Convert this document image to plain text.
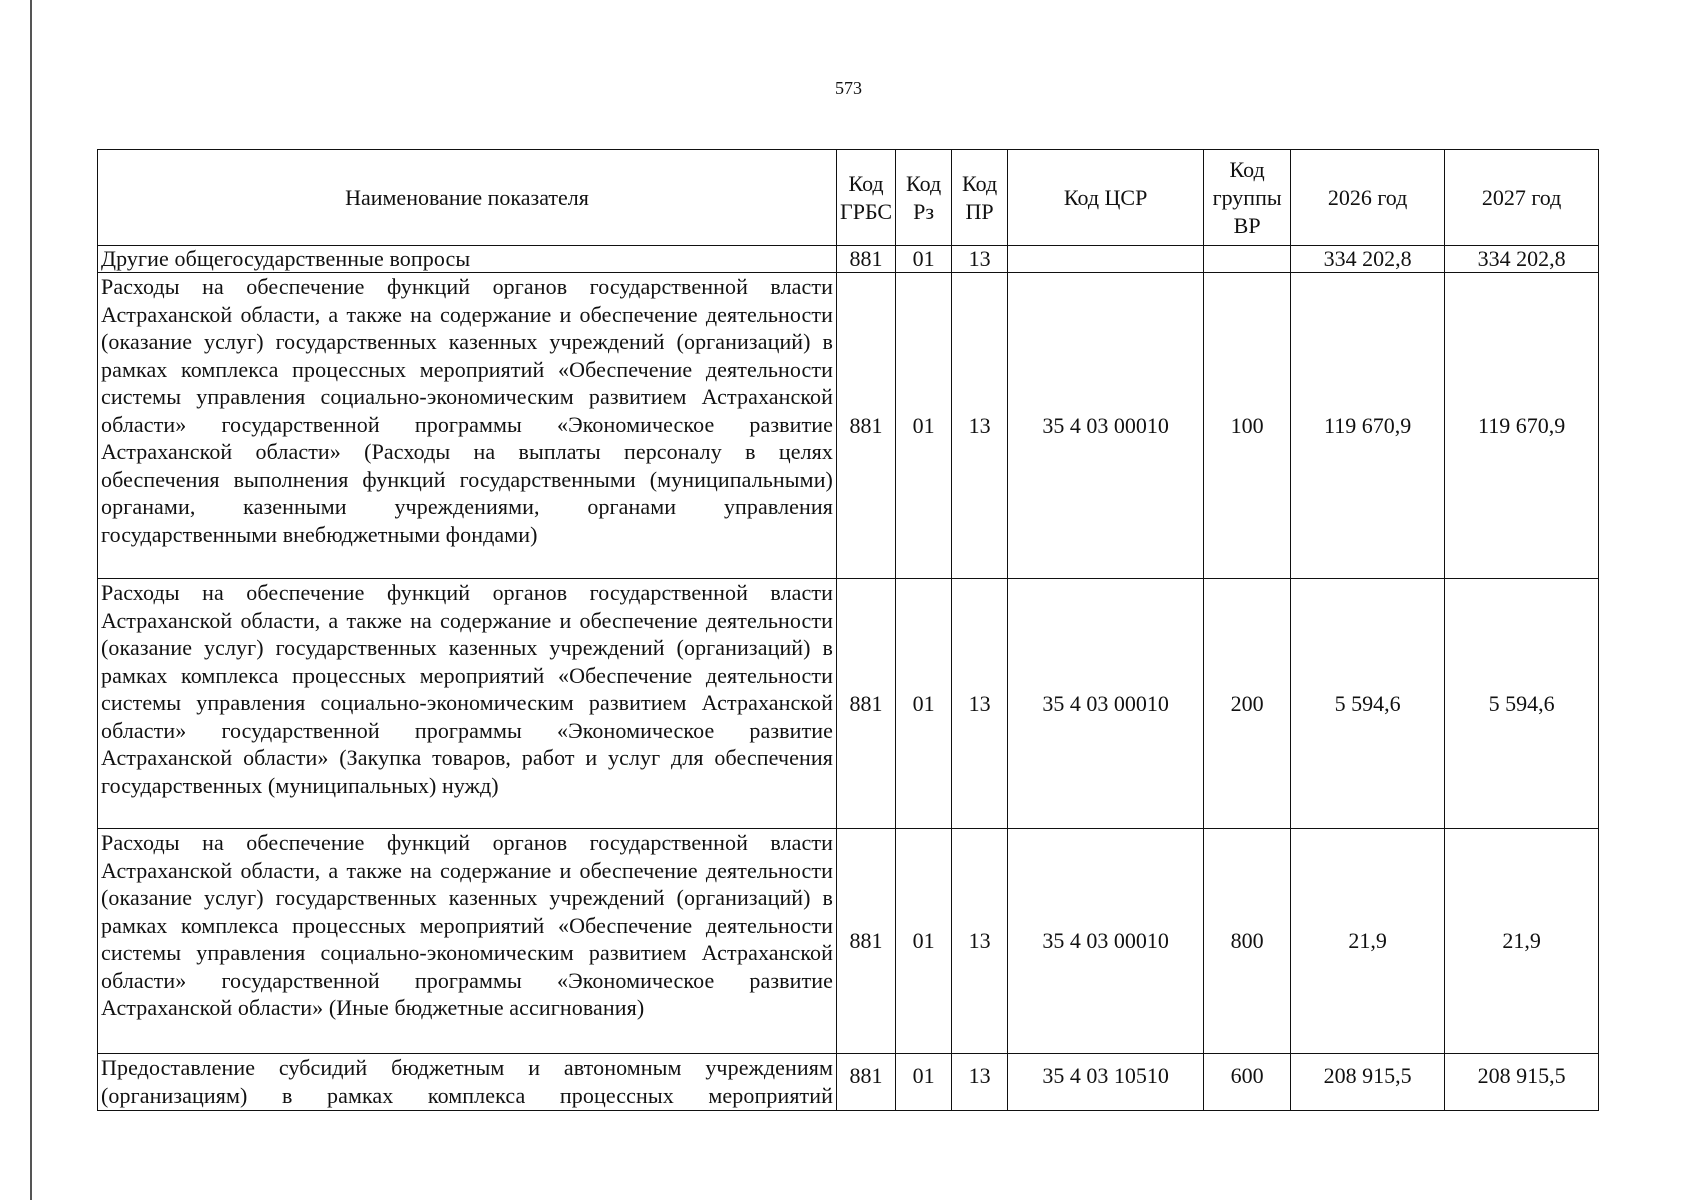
573
Наименование показателя	Код ГРБС	Код Рз	Код ПР	Код ЦСР	Код группы ВР	2026 год	2027 год
Другие общегосударственные вопросы	881	01	13			334 202,8	334 202,8
Расходы на обеспечение функций органов государственной власти Астраханской области, а также на содержание и обеспечение деятельности (оказание услуг) государственных казенных учреждений (организаций) в рамках комплекса процессных мероприятий «Обеспечение деятельности системы управления социально-экономическим развитием Астраханской области» государственной программы «Экономическое развитие Астраханской области» (Расходы на выплаты персоналу в целях обеспечения выполнения функций государственными (муниципальными) органами, казенными учреждениями, органами управления государственными внебюджетными фондами)	881	01	13	35 4 03 00010	100	119 670,9	119 670,9
Расходы на обеспечение функций органов государственной власти Астраханской области, а также на содержание и обеспечение деятельности (оказание услуг) государственных казенных учреждений (организаций) в рамках комплекса процессных мероприятий «Обеспечение деятельности системы управления социально-экономическим развитием Астраханской области» государственной программы «Экономическое развитие Астраханской области» (Закупка товаров, работ и услуг для обеспечения государственных (муниципальных) нужд)	881	01	13	35 4 03 00010	200	5 594,6	5 594,6
Расходы на обеспечение функций органов государственной власти Астраханской области, а также на содержание и обеспечение деятельности (оказание услуг) государственных казенных учреждений (организаций) в рамках комплекса процессных мероприятий «Обеспечение деятельности системы управления социально-экономическим развитием Астраханской области» государственной программы «Экономическое развитие Астраханской области» (Иные бюджетные ассигнования)	881	01	13	35 4 03 00010	800	21,9	21,9
Предоставление субсидий бюджетным и автономным учреждениям (организациям) в рамках комплекса процессных мероприятий	881	01	13	35 4 03 10510	600	208 915,5	208 915,5
